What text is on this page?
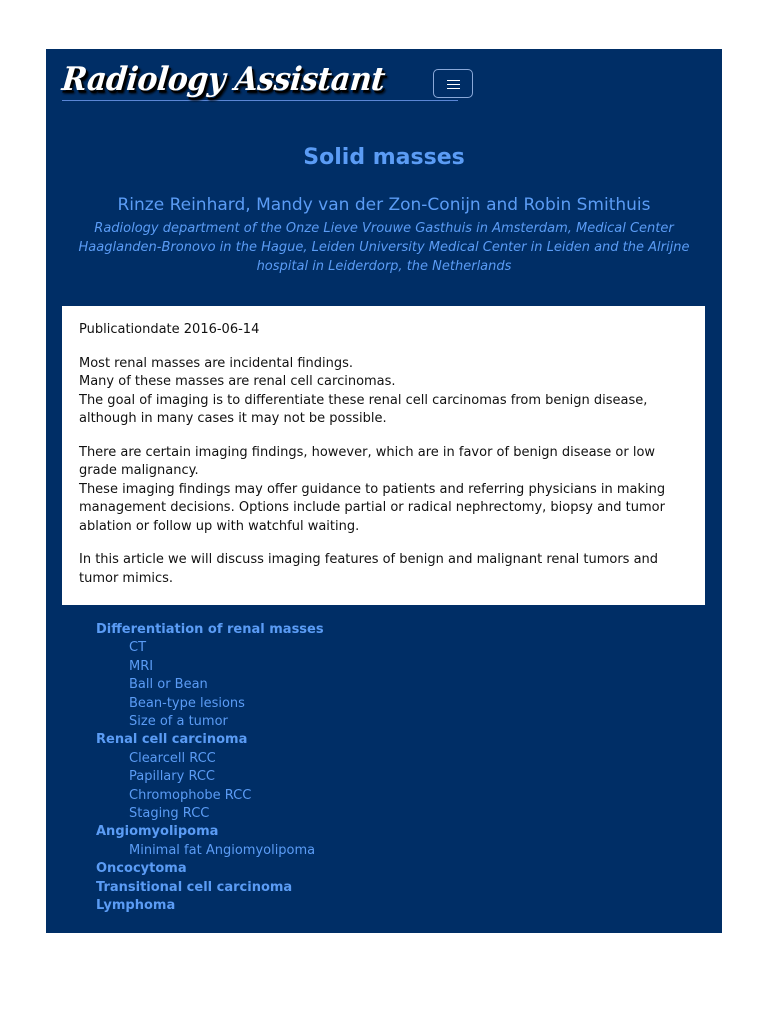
Radiology Assistant
Solid masses
Rinze Reinhard, Mandy van der Zon-Conijn and Robin Smithuis
Radiology department of the Onze Lieve Vrouwe Gasthuis in Amsterdam, Medical Center Haaglanden-Bronovo in the Hague, Leiden University Medical Center in Leiden and the Alrijne hospital in Leiderdorp, the Netherlands

Publicationdate 2016-06-14

Most renal masses are incidental findings.
Many of these masses are renal cell carcinomas.
The goal of imaging is to differentiate these renal cell carcinomas from benign disease, although in many cases it may not be possible.

There are certain imaging findings, however, which are in favor of benign disease or low grade malignancy.
These imaging findings may offer guidance to patients and referring physicians in making management decisions. Options include partial or radical nephrectomy, biopsy and tumor ablation or follow up with watchful waiting.

In this article we will discuss imaging features of benign and malignant renal tumors and tumor mimics.

Differentiation of renal masses
CT
MRI
Ball or Bean
Bean-type lesions
Size of a tumor
Renal cell carcinoma
Clearcell RCC
Papillary RCC
Chromophobe RCC
Staging RCC
Angiomyolipoma
Minimal fat Angiomyolipoma
Oncocytoma
Transitional cell carcinoma
Lymphoma
